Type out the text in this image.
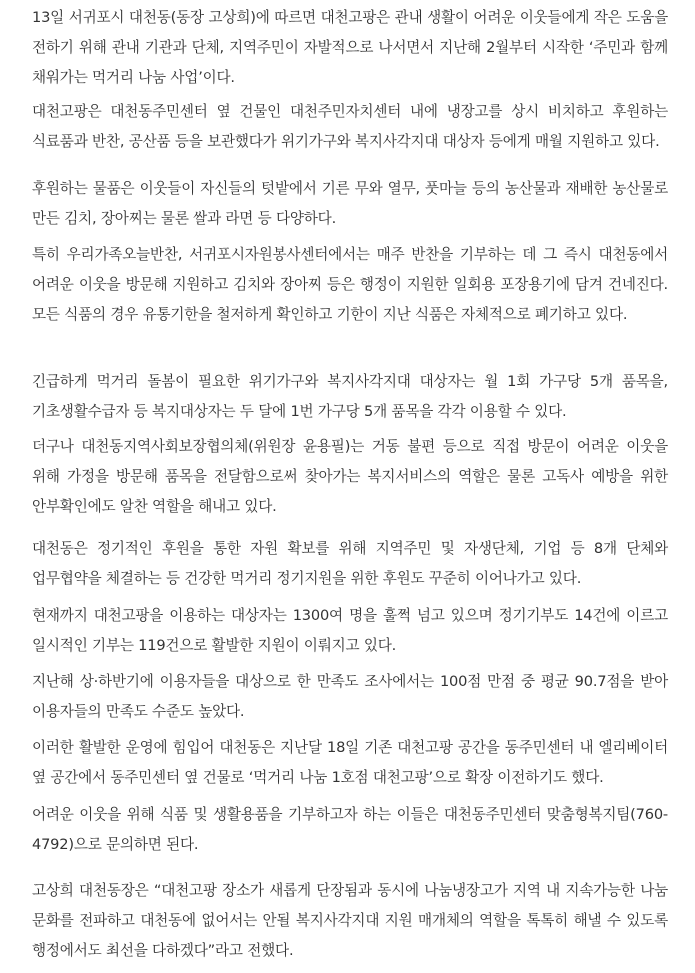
13일 서귀포시 대천동(동장 고상희)에 따르면 대천고팡은 관내 생활이 어려운 이웃들에게 작은 도움을 전하기 위해 관내 기관과 단체, 지역주민이 자발적으로 나서면서 지난해 2월부터 시작한 ‘주민과 함께 채워가는 먹거리 나눔 사업’이다.

대천고팡은 대천동주민센터 옆 건물인 대천주민자치센터 내에 냉장고를 상시 비치하고 후원하는 식료품과 반찬, 공산품 등을 보관했다가 위기가구와 복지사각지대 대상자 등에게 매월 지원하고 있다.

후원하는 물품은 이웃들이 자신들의 텃밭에서 기른 무와 열무, 풋마늘 등의 농산물과 재배한 농산물로 만든 김치, 장아찌는 물론 쌀과 라면 등 다양하다.

특히 우리가족오늘반찬, 서귀포시자원봉사센터에서는 매주 반찬을 기부하는 데 그 즉시 대천동에서 어려운 이웃을 방문해 지원하고 김치와 장아찌 등은 행정이 지원한 일회용 포장용기에 담겨 건네진다. 모든 식품의 경우 유통기한을 철저하게 확인하고 기한이 지난 식품은 자체적으로 폐기하고 있다.

긴급하게 먹거리 돌봄이 필요한 위기가구와 복지사각지대 대상자는 월 1회 가구당 5개 품목을, 기초생활수급자 등 복지대상자는 두 달에 1번 가구당 5개 품목을 각각 이용할 수 있다.

더구나 대천동지역사회보장협의체(위원장 윤용필)는 거동 불편 등으로 직접 방문이 어려운 이웃을 위해 가정을 방문해 품목을 전달함으로써 찾아가는 복지서비스의 역할은 물론 고독사 예방을 위한 안부확인에도 알찬 역할을 해내고 있다.

대천동은 정기적인 후원을 통한 자원 확보를 위해 지역주민 및 자생단체, 기업 등 8개 단체와 업무협약을 체결하는 등 건강한 먹거리 정기지원을 위한 후원도 꾸준히 이어나가고 있다.

현재까지 대천고팡을 이용하는 대상자는 1300여 명을 훌쩍 넘고 있으며 정기기부도 14건에 이르고 일시적인 기부는 119건으로 활발한 지원이 이뤄지고 있다.

지난해 상·하반기에 이용자들을 대상으로 한 만족도 조사에서는 100점 만점 중 평균 90.7점을 받아 이용자들의 만족도 수준도 높았다.

이러한 활발한 운영에 힘입어 대천동은 지난달 18일 기존 대천고팡 공간을 동주민센터 내 엘리베이터 옆 공간에서 동주민센터 옆 건물로 ‘먹거리 나눔 1호점 대천고팡’으로 확장 이전하기도 했다.

어려운 이웃을 위해 식품 및 생활용품을 기부하고자 하는 이들은 대천동주민센터 맞춤형복지팀(760-4792)으로 문의하면 된다.

고상희 대천동장은 “대천고팡 장소가 새롭게 단장됨과 동시에 나눔냉장고가 지역 내 지속가능한 나눔 문화를 전파하고 대천동에 없어서는 안될 복지사각지대 지원 매개체의 역할을 톡톡히 해낼 수 있도록 행정에서도 최선을 다하겠다”라고 전했다.
